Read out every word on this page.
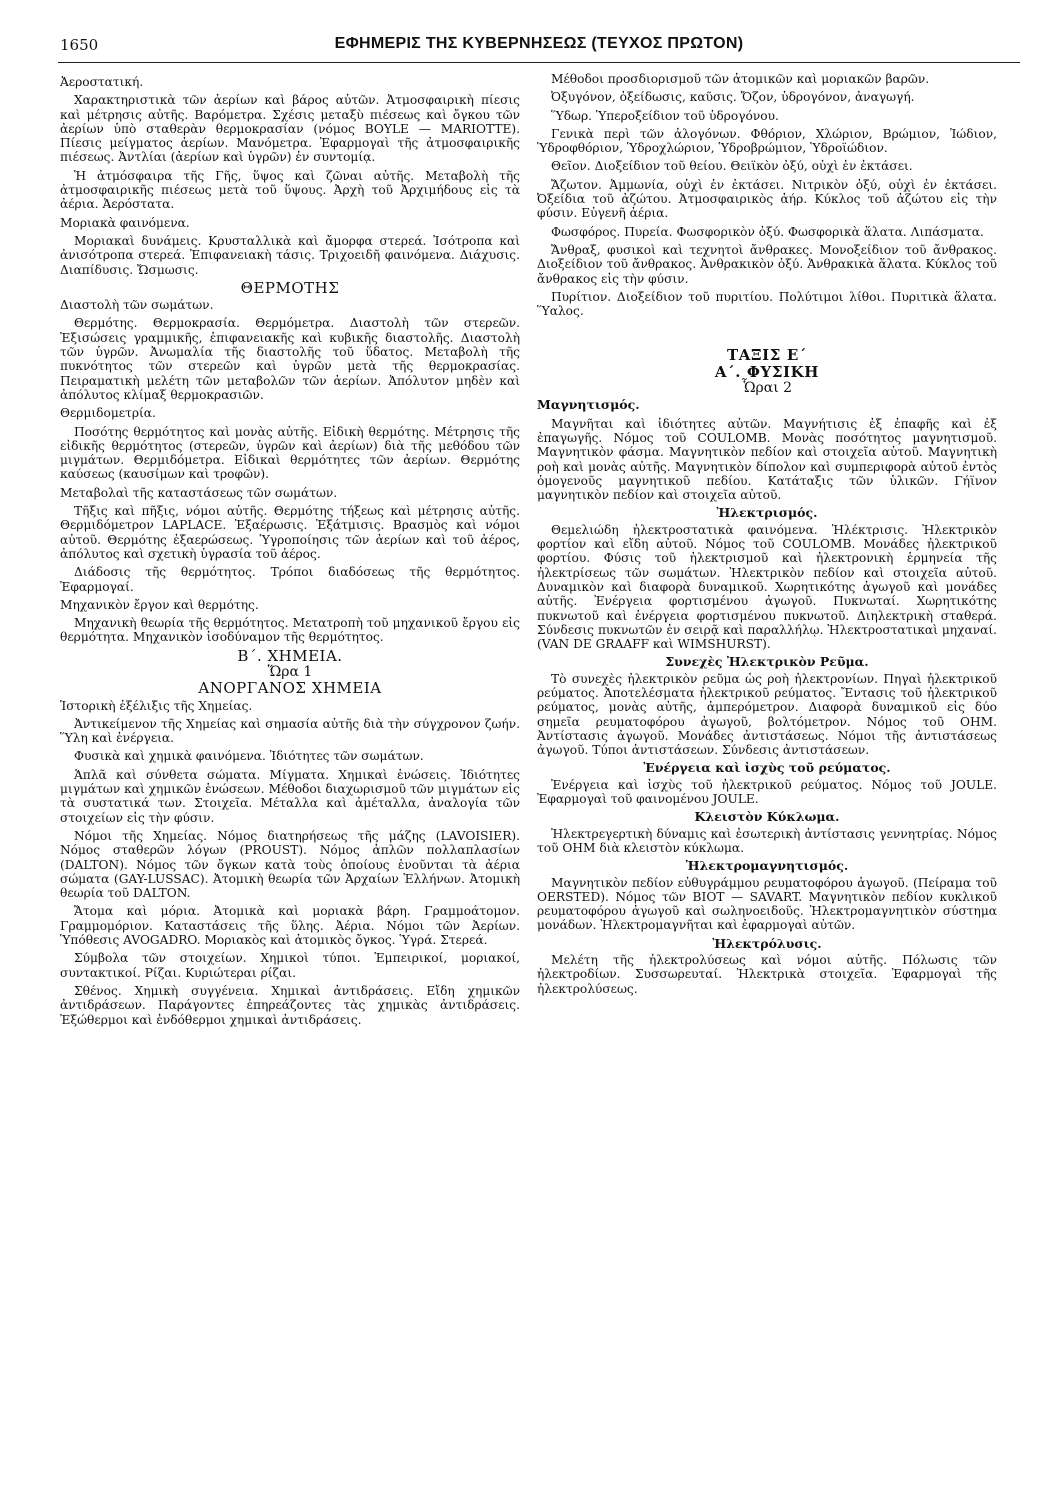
1650	ΕΦΗΜΕΡΙΣ ΤΗΣ ΚΥΒΕΡΝΗΣΕΩΣ (ΤΕΥΧΟΣ ΠΡΩΤΟΝ)

Ἀεροστατική.

Χαρακτηριστικὰ τῶν ἀερίων καὶ βάρος αὐτῶν. Ἀτμοσφαιρικὴ πίεσις καὶ μέτρησις αὐτῆς. Βαρόμετρα. Σχέσις μεταξὺ πιέσεως καὶ ὄγκου τῶν ἀερίων ὑπὸ σταθερὰν θερμοκρασίαν (νόμος BOYLE — MARIOTTE). Πίεσις μείγματος ἀερίων. Μανόμετρα. Ἐφαρμογαὶ τῆς ἀτμοσφαιρικῆς πιέσεως. Ἀντλίαι (ἀερίων καὶ ὑγρῶν) ἐν συντομίᾳ.

Ἡ ἀτμόσφαιρα τῆς Γῆς, ὕψος καὶ ζῶναι αὐτῆς. Μεταβολὴ τῆς ἀτμοσφαιρικῆς πιέσεως μετὰ τοῦ ὕψους. Ἀρχὴ τοῦ Ἀρχιμήδους εἰς τὰ ἀέρια. Ἀερόστατα.

Μοριακὰ φαινόμενα.

Μοριακαὶ δυνάμεις. Κρυσταλλικὰ καὶ ἄμορφα στερεά. Ἰσότροπα καὶ ἀνισότροπα στερεά. Ἐπιφανειακὴ τάσις. Τριχοειδῆ φαινόμενα. Διάχυσις. Διαπίδυσις. Ὤσμωσις.

ΘΕΡΜΟΤΗΣ

Διαστολὴ τῶν σωμάτων.

Θερμότης. Θερμοκρασία. Θερμόμετρα. Διαστολὴ τῶν στερεῶν. Ἐξισώσεις γραμμικῆς, ἐπιφανειακῆς καὶ κυβικῆς διαστολῆς. Διαστολὴ τῶν ὑγρῶν. Ἀνωμαλία τῆς διαστολῆς τοῦ ὕδατος. Μεταβολὴ τῆς πυκνότητος τῶν στερεῶν καὶ ὑγρῶν μετὰ τῆς θερμοκρασίας. Πειραματικὴ μελέτη τῶν μεταβολῶν τῶν ἀερίων. Ἀπόλυτον μηδὲν καὶ ἀπόλυτος κλίμαξ θερμοκρασιῶν.

Θερμιδομετρία.

Ποσότης θερμότητος καὶ μονὰς αὐτῆς. Εἰδικὴ θερμότης. Μέτρησις τῆς εἰδικῆς θερμότητος (στερεῶν, ὑγρῶν καὶ ἀερίων) διὰ τῆς μεθόδου τῶν μιγμάτων. Θερμιδόμετρα. Εἰδικαὶ θερμότητες τῶν ἀερίων. Θερμότης καύσεως (καυσίμων καὶ τροφῶν).

Μεταβολαὶ τῆς καταστάσεως τῶν σωμάτων.

Τῆξις καὶ πῆξις, νόμοι αὐτῆς. Θερμότης τήξεως καὶ μέτρησις αὐτῆς. Θερμιδόμετρον LAPLACE. Ἐξαέρωσις. Ἐξάτμισις. Βρασμὸς καὶ νόμοι αὐτοῦ. Θερμότης ἐξαερώσεως. Ὑγροποίησις τῶν ἀερίων καὶ τοῦ ἀέρος, ἀπόλυτος καὶ σχετικὴ ὑγρασία τοῦ ἀέρος.

Διάδοσις τῆς θερμότητος. Τρόποι διαδόσεως τῆς θερμότητος. Ἐφαρμογαί.

Μηχανικὸν ἔργον καὶ θερμότης.

Μηχανικὴ θεωρία τῆς θερμότητος. Μετατροπὴ τοῦ μηχανικοῦ ἔργου εἰς θερμότητα. Μηχανικὸν ἰσοδύναμον τῆς θερμότητος.

Β΄. ΧΗΜΕΙΑ.

Ὥρα 1

ΑΝΟΡΓΑΝΟΣ ΧΗΜΕΙΑ

Ἱστορικὴ ἐξέλιξις τῆς Χημείας.

Ἀντικείμενον τῆς Χημείας καὶ σημασία αὐτῆς διὰ τὴν σύγχρονον ζωήν. Ὕλη καὶ ἐνέργεια.

Φυσικὰ καὶ χημικὰ φαινόμενα. Ἰδιότητες τῶν σωμάτων.

Ἁπλᾶ καὶ σύνθετα σώματα. Μίγματα. Χημικαὶ ἑνώσεις. Ἰδιότητες μιγμάτων καὶ χημικῶν ἑνώσεων. Μέθοδοι διαχωρισμοῦ τῶν μιγμάτων εἰς τὰ συστατικά των. Στοιχεῖα. Μέταλλα καὶ ἀμέταλλα, ἀναλογία τῶν στοιχείων εἰς τὴν φύσιν.

Νόμοι τῆς Χημείας. Νόμος διατηρήσεως τῆς μάζης (LAVOISIER). Νόμος σταθερῶν λόγων (PROUST). Νόμος ἁπλῶν πολλαπλασίων (DALTON). Νόμος τῶν ὄγκων κατὰ τοὺς ὁποίους ἑνοῦνται τὰ ἀέρια σώματα (GAY-LUSSAC). Ἀτομικὴ θεωρία τῶν Ἀρχαίων Ἑλλήνων. Ἀτομικὴ θεωρία τοῦ DALTON.

Ἄτομα καὶ μόρια. Ἀτομικὰ καὶ μοριακὰ βάρη. Γραμμοάτομον. Γραμμομόριον. Καταστάσεις τῆς ὕλης. Ἀέρια. Νόμοι τῶν Ἀερίων. Ὑπόθεσις AVOGADRO. Μοριακὸς καὶ ἀτομικὸς ὄγκος. Ὑγρά. Στερεά.

Σύμβολα τῶν στοιχείων. Χημικοὶ τύποι. Ἐμπειρικοί, μοριακοί, συντακτικοί. Ρίζαι. Κυριώτεραι ρίζαι.

Σθένος. Χημικὴ συγγένεια. Χημικαὶ ἀντιδράσεις. Εἴδη χημικῶν ἀντιδράσεων. Παράγοντες ἐπηρεάζοντες τὰς χημικὰς ἀντιδράσεις. Ἐξώθερμοι καὶ ἐνδόθερμοι χημικαὶ ἀντιδράσεις.

Μέθοδοι προσδιορισμοῦ τῶν ἀτομικῶν καὶ μοριακῶν βαρῶν.

Ὀξυγόνον, ὀξείδωσις, καῦσις. Ὄζον, ὑδρογόνον, ἀναγωγή.

Ὕδωρ. Ὑπεροξείδιον τοῦ ὑδρογόνου.

Γενικὰ περὶ τῶν ἀλογόνων. Φθόριον, Χλώριον, Βρώμιον, Ἰώδιον, Ὑδροφθόριον, Ὑδροχλώριον, Ὑδροβρώμιον, Ὑδροϊώδιον.

Θεῖον. Διοξείδιον τοῦ θείου. Θειϊκὸν ὀξύ, οὐχὶ ἐν ἐκτάσει.

Ἄζωτον. Ἀμμωνία, οὐχὶ ἐν ἐκτάσει. Νιτρικὸν ὀξύ, οὐχὶ ἐν ἐκτάσει. Ὀξείδια τοῦ ἀζώτου. Ἀτμοσφαιρικὸς ἀήρ. Κύκλος τοῦ ἀζώτου εἰς τὴν φύσιν. Εὐγενῆ ἀέρια.

Φωσφόρος. Πυρεία. Φωσφορικὸν ὀξύ. Φωσφορικὰ ἅλατα. Λιπάσματα.

Ἄνθραξ, φυσικοὶ καὶ τεχνητοὶ ἄνθρακες. Μονοξείδιον τοῦ ἄνθρακος. Διοξείδιον τοῦ ἄνθρακος. Ἀνθρακικὸν ὀξύ. Ἀνθρακικὰ ἅλατα. Κύκλος τοῦ ἄνθρακος εἰς τὴν φύσιν.

Πυρίτιον. Διοξείδιον τοῦ πυριτίου. Πολύτιμοι λίθοι. Πυριτικὰ ἅλατα. Ὕαλος.

ΤΑΞΙΣ Ε΄

Α΄. ΦΥΣΙΚΗ

Ὧραι 2

Μαγνητισμός.

Μαγνῆται καὶ ἰδιότητες αὐτῶν. Μαγνήτισις ἐξ ἐπαφῆς καὶ ἐξ ἐπαγωγῆς. Νόμος τοῦ COULOMB. Μονὰς ποσότητος μαγνητισμοῦ. Μαγνητικὸν φάσμα. Μαγνητικὸν πεδίον καὶ στοιχεῖα αὐτοῦ. Μαγνητικὴ ροὴ καὶ μονὰς αὐτῆς. Μαγνητικὸν δίπολον καὶ συμπεριφορὰ αὐτοῦ ἐντὸς ὁμογενοῦς μαγνητικοῦ πεδίου. Κατάταξις τῶν ὑλικῶν. Γήϊνον μαγνητικὸν πεδίον καὶ στοιχεῖα αὐτοῦ.

Ἠλεκτρισμός.

Θεμελιώδη ἠλεκτροστατικὰ φαινόμενα. Ἠλέκτρισις. Ἠλεκτρικὸν φορτίον καὶ εἴδη αὐτοῦ. Νόμος τοῦ COULOMB. Μονάδες ἠλεκτρικοῦ φορτίου. Φύσις τοῦ ἠλεκτρισμοῦ καὶ ἠλεκτρονικὴ ἑρμηνεία τῆς ἠλεκτρίσεως τῶν σωμάτων. Ἠλεκτρικὸν πεδίον καὶ στοιχεῖα αὐτοῦ. Δυναμικὸν καὶ διαφορὰ δυναμικοῦ. Χωρητικότης ἀγωγοῦ καὶ μονάδες αὐτῆς. Ἐνέργεια φορτισμένου ἀγωγοῦ. Πυκνωταί. Χωρητικότης πυκνωτοῦ καὶ ἐνέργεια φορτισμένου πυκνωτοῦ. Διηλεκτρικὴ σταθερά. Σύνδεσις πυκνωτῶν ἐν σειρᾷ καὶ παραλλήλῳ. Ἠλεκτροστατικαὶ μηχαναί. (VAN DE GRAAFF καὶ WIMSHURST).

Συνεχὲς Ἠλεκτρικὸν Ρεῦμα.

Τὸ συνεχὲς ἠλεκτρικὸν ρεῦμα ὡς ροὴ ἠλεκτρονίων. Πηγαὶ ἠλεκτρικοῦ ρεύματος. Ἀποτελέσματα ἠλεκτρικοῦ ρεύματος. Ἔντασις τοῦ ἠλεκτρικοῦ ρεύματος, μονὰς αὐτῆς, ἀμπερόμετρον. Διαφορὰ δυναμικοῦ εἰς δύο σημεῖα ρευματοφόρου ἀγωγοῦ, βολτόμετρον. Νόμος τοῦ OHM. Ἀντίστασις ἀγωγοῦ. Μονάδες ἀντιστάσεως. Νόμοι τῆς ἀντιστάσεως ἀγωγοῦ. Τύποι ἀντιστάσεων. Σύνδεσις ἀντιστάσεων.

Ἐνέργεια καὶ ἰσχὺς τοῦ ρεύματος.

Ἐνέργεια καὶ ἰσχὺς τοῦ ἠλεκτρικοῦ ρεύματος. Νόμος τοῦ JOULE. Ἐφαρμογαὶ τοῦ φαινομένου JOULE.

Κλειστὸν Κύκλωμα.

Ἠλεκτρεγερτικὴ δύναμις καὶ ἐσωτερικὴ ἀντίστασις γεννητρίας. Νόμος τοῦ OHM διὰ κλειστὸν κύκλωμα.

Ἠλεκτρομαγνητισμός.

Μαγνητικὸν πεδίον εὐθυγράμμου ρευματοφόρου ἀγωγοῦ. (Πείραμα τοῦ OERSTED). Νόμος τῶν BIOT — SAVART. Μαγνητικὸν πεδίον κυκλικοῦ ρευματοφόρου ἀγωγοῦ καὶ σωληνοειδοῦς. Ἠλεκτρομαγνητικὸν σύστημα μονάδων. Ἠλεκτρομαγνῆται καὶ ἐφαρμογαὶ αὐτῶν.

Ἠλεκτρόλυσις.

Μελέτη τῆς ἠλεκτρολύσεως καὶ νόμοι αὐτῆς. Πόλωσις τῶν ἠλεκτροδίων. Συσσωρευταί. Ἠλεκτρικὰ στοιχεῖα. Ἐφαρμογαὶ τῆς ἠλεκτρολύσεως.
